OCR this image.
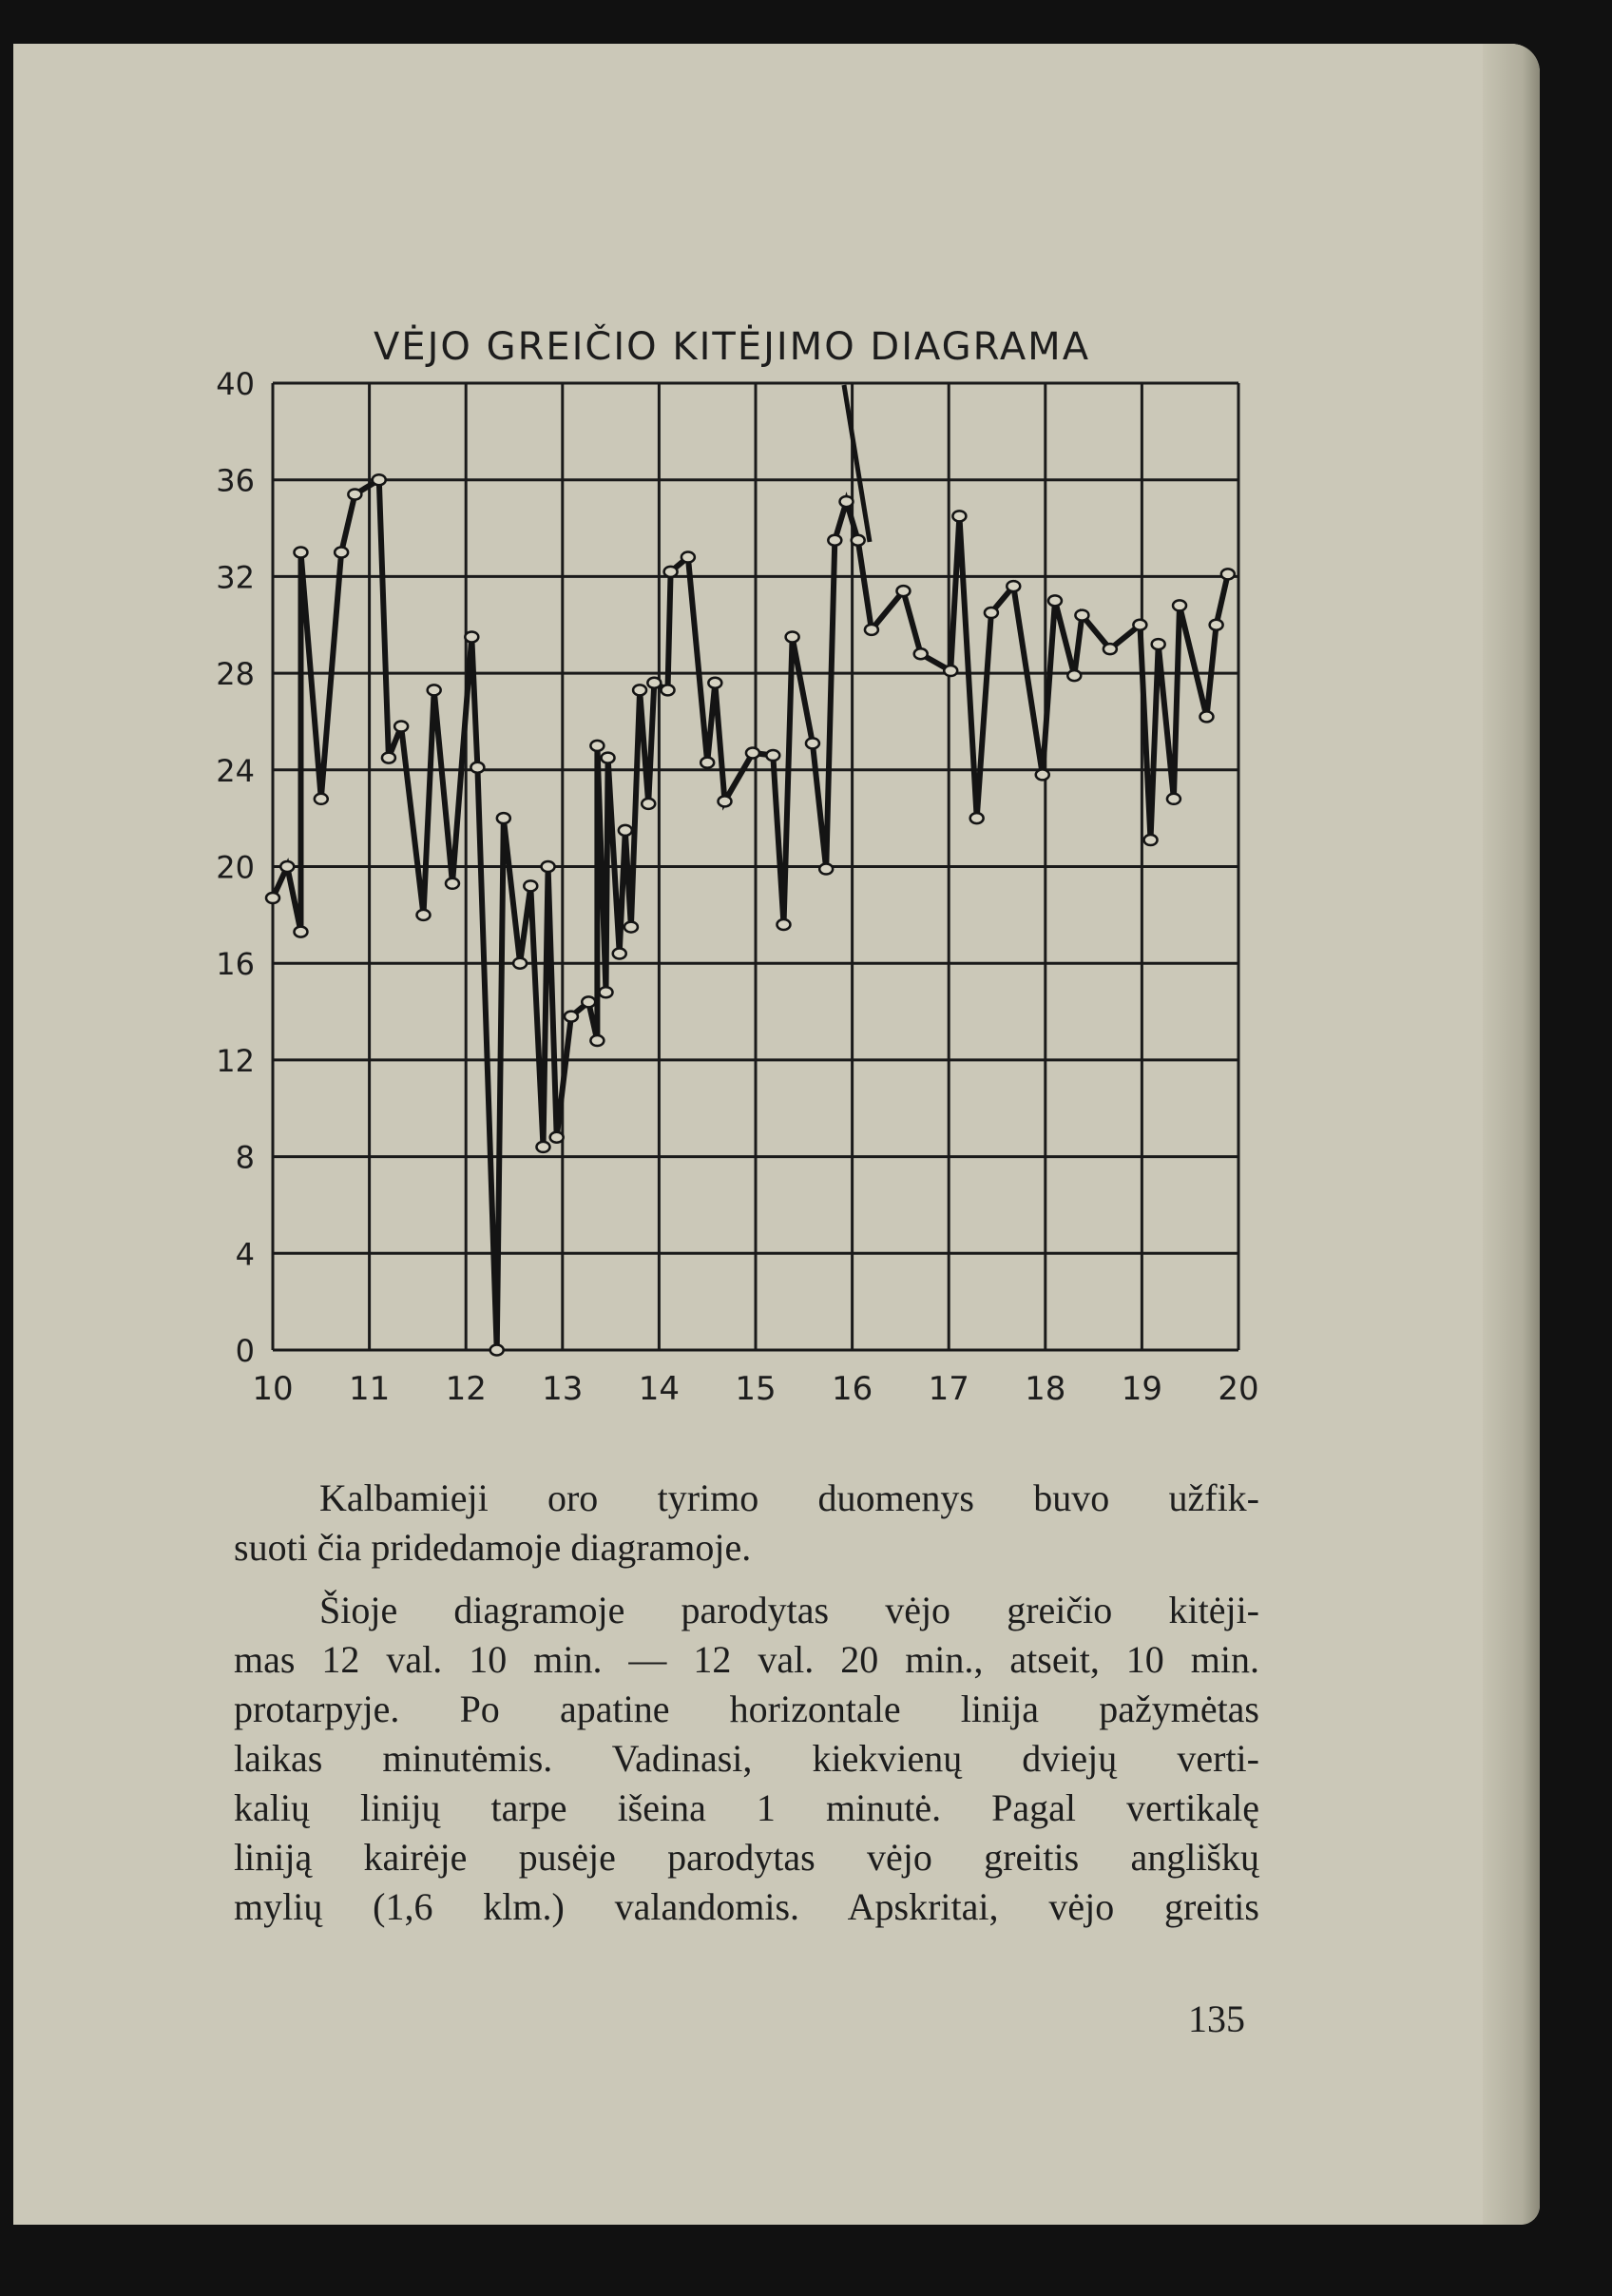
VĖJO GREIČIO KITĖJIMO DIAGRAMA
10 11 12 13 14 15 16 17 18 19 20
0
4
8
12
16
20
24
28
32
36
40
Kalbamieji oro tyrimo duomenys buvo užfik-
suoti čia pridedamoje diagramoje.
Šioje diagramoje parodytas vėjo greičio kitėji-
mas 12 val. 10 min. — 12 val. 20 min., atseit, 10 min.
protarpyje. Po apatine horizontale linija pažymėtas
laikas minutėmis. Vadinasi, kiekvienų dviejų verti-
kalių linijų tarpe išeina 1 minutė. Pagal vertikalę
liniją kairėje pusėje parodytas vėjo greitis angliškų
mylių (1,6 klm.) valandomis. Apskritai, vėjo greitis
135
